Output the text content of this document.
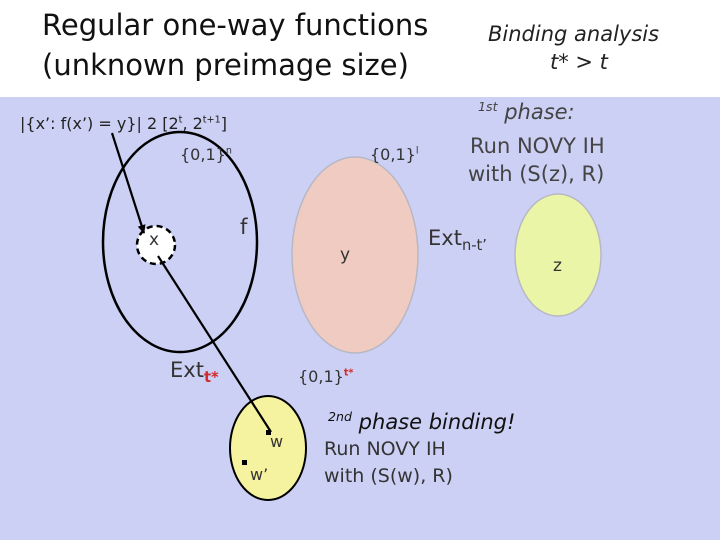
Regular one-way functions
(unknown preimage size)
Binding analysis
t* > t
|{x’: f(x’) = y}| 2 [2$^t$, $2^{t+1}$]
$\{0,1\}^n$	$\{0,1\}^l$
$^{1st}$ phase:
Run NOVY IH
with (S(z), R)
x
f
y
z
Ext$_{n-t’}$
Ext$_{t*}$	$\{0,1\}^{t*}$
w
w’
$^{2nd}$ phase binding!
Run NOVY IH
with (S(w), R)
